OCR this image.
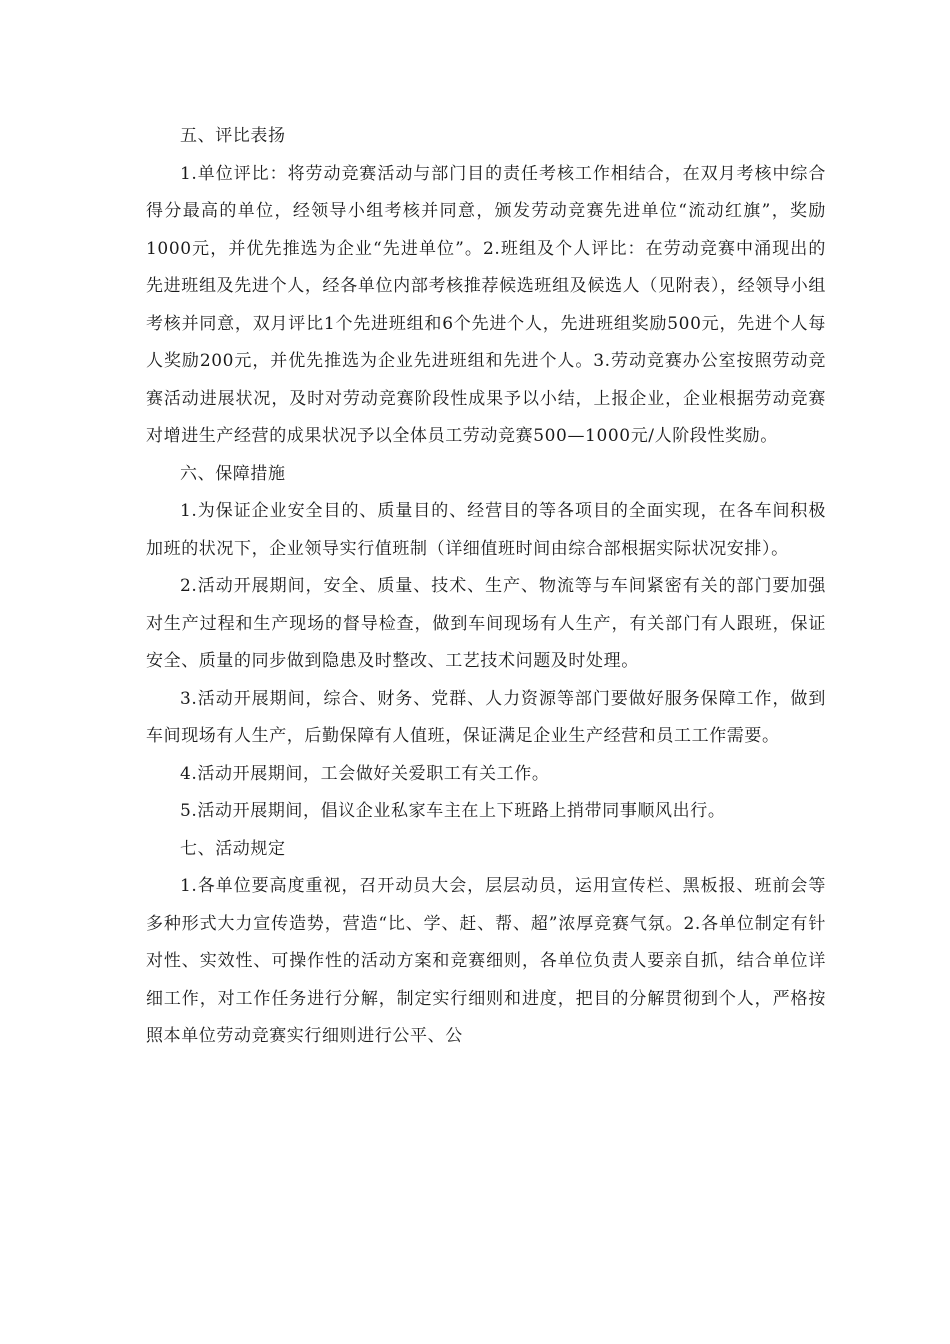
五、评比表扬

1.单位评比：将劳动竞赛活动与部门目的责任考核工作相结合，在双月考核中综合得分最高的单位，经领导小组考核并同意，颁发劳动竞赛先进单位“流动红旗”，奖励1000元，并优先推选为企业“先进单位”。2.班组及个人评比：在劳动竞赛中涌现出的先进班组及先进个人，经各单位内部考核推荐候选班组及候选人（见附表），经领导小组考核并同意，双月评比1个先进班组和6个先进个人，先进班组奖励500元，先进个人每人奖励200元，并优先推选为企业先进班组和先进个人。3.劳动竞赛办公室按照劳动竞赛活动进展状况，及时对劳动竞赛阶段性成果予以小结，上报企业，企业根据劳动竞赛对增进生产经营的成果状况予以全体员工劳动竞赛500—1000元/人阶段性奖励。

六、保障措施

1.为保证企业安全目的、质量目的、经营目的等各项目的全面实现，在各车间积极加班的状况下，企业领导实行值班制（详细值班时间由综合部根据实际状况安排）。

2.活动开展期间，安全、质量、技术、生产、物流等与车间紧密有关的部门要加强对生产过程和生产现场的督导检查，做到车间现场有人生产，有关部门有人跟班，保证安全、质量的同步做到隐患及时整改、工艺技术问题及时处理。

3.活动开展期间，综合、财务、党群、人力资源等部门要做好服务保障工作，做到车间现场有人生产，后勤保障有人值班，保证满足企业生产经营和员工工作需要。

4.活动开展期间，工会做好关爱职工有关工作。

5.活动开展期间，倡议企业私家车主在上下班路上捎带同事顺风出行。

七、活动规定

1.各单位要高度重视，召开动员大会，层层动员，运用宣传栏、黑板报、班前会等多种形式大力宣传造势，营造“比、学、赶、帮、超”浓厚竞赛气氛。2.各单位制定有针对性、实效性、可操作性的活动方案和竞赛细则，各单位负责人要亲自抓，结合单位详细工作，对工作任务进行分解，制定实行细则和进度，把目的分解贯彻到个人，严格按照本单位劳动竞赛实行细则进行公平、公
